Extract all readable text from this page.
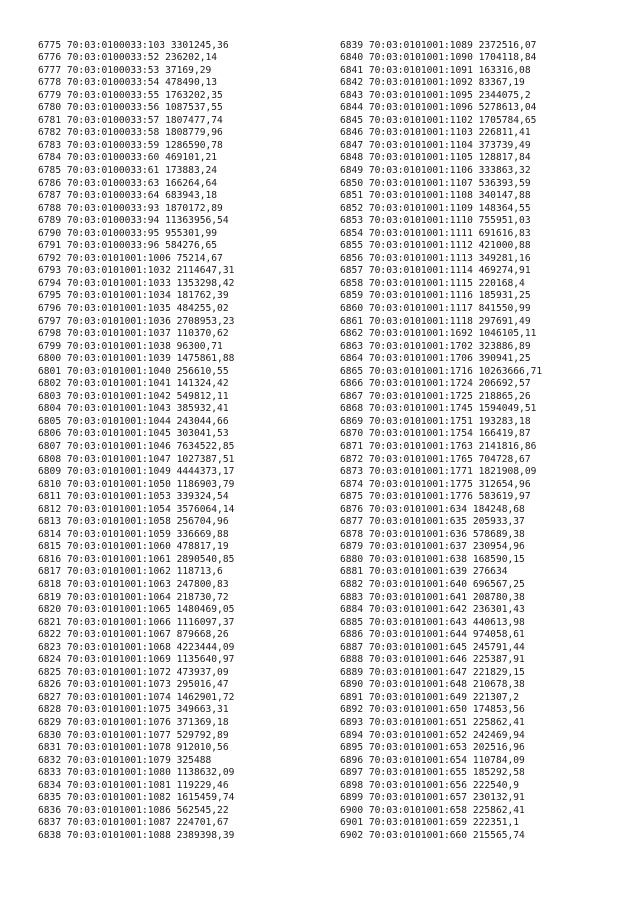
6775 70:03:0100033:103 3301245,36
6776 70:03:0100033:52 236202,14
6777 70:03:0100033:53 37169,29
6778 70:03:0100033:54 478490,13
6779 70:03:0100033:55 1763202,35
6780 70:03:0100033:56 1087537,55
6781 70:03:0100033:57 1807477,74
6782 70:03:0100033:58 1808779,96
6783 70:03:0100033:59 1286590,78
6784 70:03:0100033:60 469101,21
6785 70:03:0100033:61 173883,24
6786 70:03:0100033:63 166264,64
6787 70:03:0100033:64 683943,18
6788 70:03:0100033:93 1870172,89
6789 70:03:0100033:94 11363956,54
6790 70:03:0100033:95 955301,99
6791 70:03:0100033:96 584276,65
6792 70:03:0101001:1006 75214,67
6793 70:03:0101001:1032 2114647,31
6794 70:03:0101001:1033 1353298,42
6795 70:03:0101001:1034 181762,39
6796 70:03:0101001:1035 484255,02
6797 70:03:0101001:1036 2708953,23
6798 70:03:0101001:1037 110370,62
6799 70:03:0101001:1038 96300,71
6800 70:03:0101001:1039 1475861,88
6801 70:03:0101001:1040 256610,55
6802 70:03:0101001:1041 141324,42
6803 70:03:0101001:1042 549812,11
6804 70:03:0101001:1043 385932,41
6805 70:03:0101001:1044 243044,66
6806 70:03:0101001:1045 303041,53
6807 70:03:0101001:1046 7634522,85
6808 70:03:0101001:1047 1027387,51
6809 70:03:0101001:1049 4444373,17
6810 70:03:0101001:1050 1186903,79
6811 70:03:0101001:1053 339324,54
6812 70:03:0101001:1054 3576064,14
6813 70:03:0101001:1058 256704,96
6814 70:03:0101001:1059 336669,88
6815 70:03:0101001:1060 478817,19
6816 70:03:0101001:1061 2890540,85
6817 70:03:0101001:1062 118713,6
6818 70:03:0101001:1063 247800,83
6819 70:03:0101001:1064 218730,72
6820 70:03:0101001:1065 1480469,05
6821 70:03:0101001:1066 1116097,37
6822 70:03:0101001:1067 879668,26
6823 70:03:0101001:1068 4223444,09
6824 70:03:0101001:1069 1135640,97
6825 70:03:0101001:1072 473937,09
6826 70:03:0101001:1073 295016,47
6827 70:03:0101001:1074 1462901,72
6828 70:03:0101001:1075 349663,31
6829 70:03:0101001:1076 371369,18
6830 70:03:0101001:1077 529792,89
6831 70:03:0101001:1078 912010,56
6832 70:03:0101001:1079 325488
6833 70:03:0101001:1080 1138632,09
6834 70:03:0101001:1081 119229,46
6835 70:03:0101001:1082 1615459,74
6836 70:03:0101001:1086 562545,22
6837 70:03:0101001:1087 224701,67
6838 70:03:0101001:1088 2389398,39
6839 70:03:0101001:1089 2372516,07
6840 70:03:0101001:1090 1704118,84
6841 70:03:0101001:1091 163316,08
6842 70:03:0101001:1092 83367,19
6843 70:03:0101001:1095 2344075,2
6844 70:03:0101001:1096 5278613,04
6845 70:03:0101001:1102 1705784,65
6846 70:03:0101001:1103 226811,41
6847 70:03:0101001:1104 373739,49
6848 70:03:0101001:1105 128817,84
6849 70:03:0101001:1106 333863,32
6850 70:03:0101001:1107 536393,59
6851 70:03:0101001:1108 340147,88
6852 70:03:0101001:1109 148364,55
6853 70:03:0101001:1110 755951,03
6854 70:03:0101001:1111 691616,83
6855 70:03:0101001:1112 421000,88
6856 70:03:0101001:1113 349281,16
6857 70:03:0101001:1114 469274,91
6858 70:03:0101001:1115 220168,4
6859 70:03:0101001:1116 185931,25
6860 70:03:0101001:1117 841550,99
6861 70:03:0101001:1118 297691,49
6862 70:03:0101001:1692 1046105,11
6863 70:03:0101001:1702 323886,89
6864 70:03:0101001:1706 390941,25
6865 70:03:0101001:1716 10263666,71
6866 70:03:0101001:1724 206692,57
6867 70:03:0101001:1725 218865,26
6868 70:03:0101001:1745 1594049,51
6869 70:03:0101001:1751 193283,18
6870 70:03:0101001:1754 166419,87
6871 70:03:0101001:1763 2141816,86
6872 70:03:0101001:1765 704728,67
6873 70:03:0101001:1771 1821908,09
6874 70:03:0101001:1775 312654,96
6875 70:03:0101001:1776 583619,97
6876 70:03:0101001:634 184248,68
6877 70:03:0101001:635 205933,37
6878 70:03:0101001:636 578689,38
6879 70:03:0101001:637 230954,96
6880 70:03:0101001:638 168590,15
6881 70:03:0101001:639 276634
6882 70:03:0101001:640 696567,25
6883 70:03:0101001:641 208780,38
6884 70:03:0101001:642 236301,43
6885 70:03:0101001:643 440613,98
6886 70:03:0101001:644 974058,61
6887 70:03:0101001:645 245791,44
6888 70:03:0101001:646 225387,91
6889 70:03:0101001:647 221829,15
6890 70:03:0101001:648 210678,38
6891 70:03:0101001:649 221307,2
6892 70:03:0101001:650 174853,56
6893 70:03:0101001:651 225862,41
6894 70:03:0101001:652 242469,94
6895 70:03:0101001:653 202516,96
6896 70:03:0101001:654 110784,09
6897 70:03:0101001:655 185292,58
6898 70:03:0101001:656 222540,9
6899 70:03:0101001:657 230132,91
6900 70:03:0101001:658 225862,41
6901 70:03:0101001:659 222351,1
6902 70:03:0101001:660 215565,74
